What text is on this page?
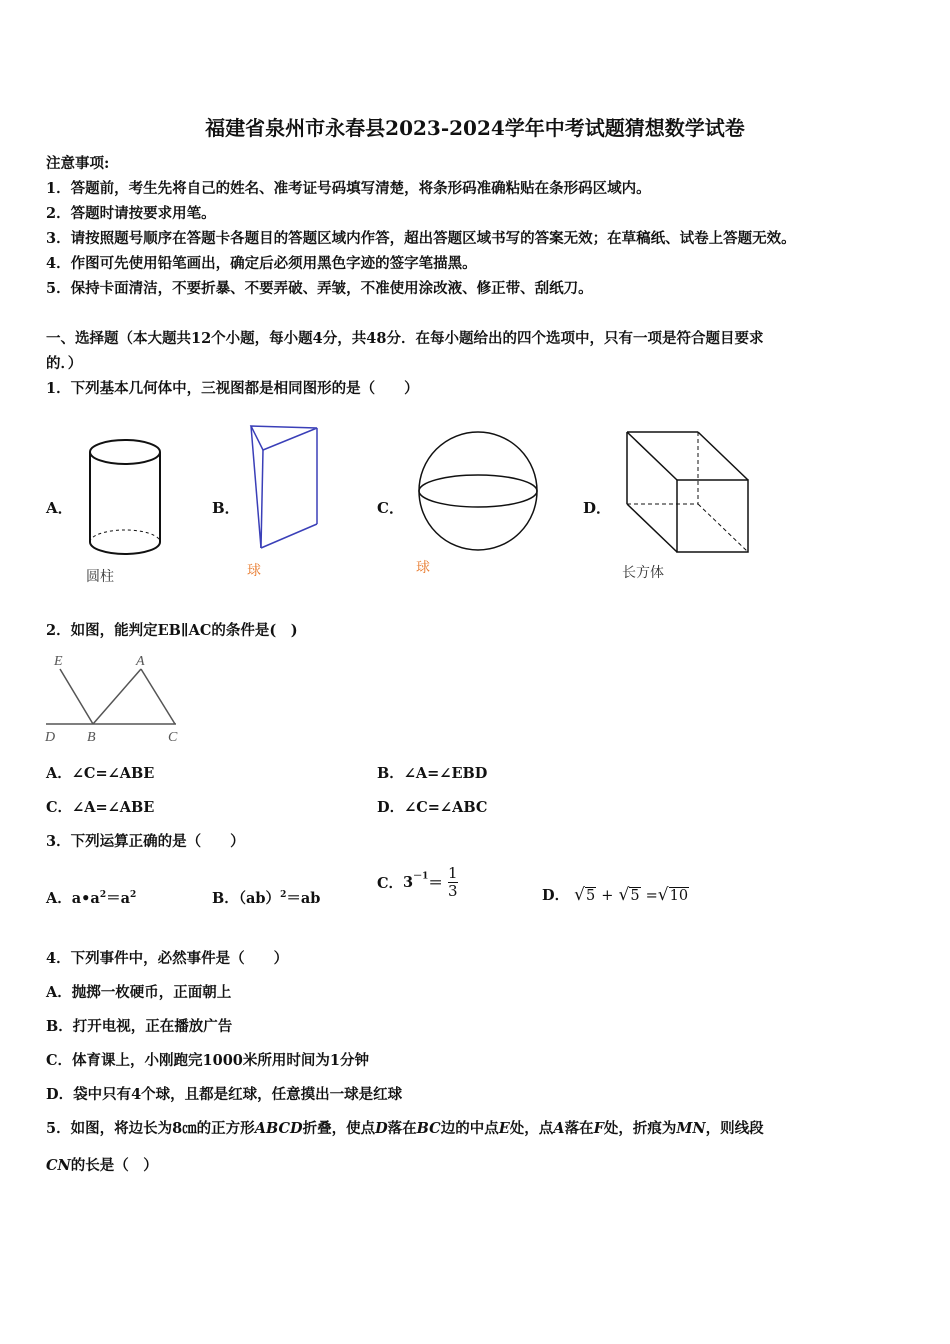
福建省泉州市永春县2023-2024学年中考试题猜想数学试卷
注意事项:
1．答题前，考生先将自己的姓名、准考证号码填写清楚，将条形码准确粘贴在条形码区域内。
2．答题时请按要求用笔。
3．请按照题号顺序在答题卡各题目的答题区域内作答，超出答题区域书写的答案无效；在草稿纸、试卷上答题无效。
4．作图可先使用铅笔画出，确定后必须用黑色字迹的签字笔描黑。
5．保持卡面清洁，不要折暴、不要弄破、弄皱，不准使用涂改液、修正带、刮纸刀。
一、选择题（本大题共12个小题，每小题4分，共48分．在每小题给出的四个选项中，只有一项是符合题目要求
的．）
1．下列基本几何体中，三视图都是相同图形的是（　　）
A．
圆柱
B．
球
C．
球
D．
长方体
2．如图，能判定EB∥AC的条件是(　)
E	A
D B	C
A．∠C=∠ABE	B．∠A=∠EBD
C．∠A=∠ABE	D．∠C=∠ABC
3．下列运算正确的是（　　）
A．$a•a^2=a^2$	B．（ab）$^2$＝ab
C．$3^{-1}= \frac{1}{3}$	D． √5 + √5 =√10
4．下列事件中，必然事件是（　　）
A．抛掷一枚硬币，正面朝上
B．打开电视，正在播放广告
C．体育课上，小刚跑完1000米所用时间为1分钟
D．袋中只有4个球，且都是红球，任意摸出一球是红球
5．如图，将边长为8㎝的正方形ABCD折叠，使点D落在BC边的中点E处，点A落在F处，折痕为MN，则线段
CN的长是（　）
